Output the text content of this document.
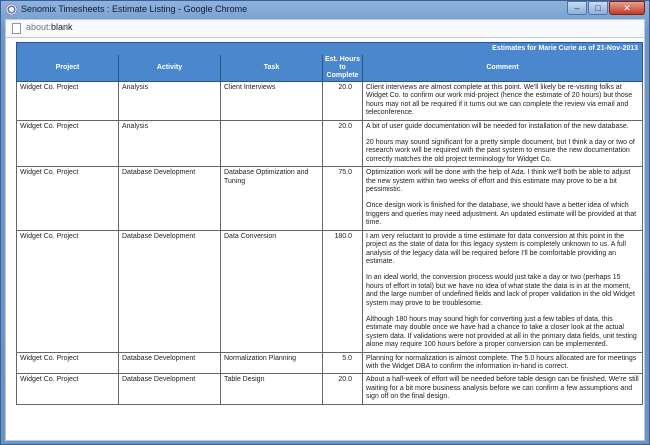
Senomix Timesheets : Estimate Listing - Google Chrome	–	□	✕
about:blank
Estimates for Marie Curie as of 21-Nov-2013				
Project	Activity	Task	Est. Hours to Complete	Comment
Widget Co. Project	Analysis	Client Interviews	20.0	Client interviews are almost complete at this point. We'll likely be re-visiting folks at Widget Co. to confirm our work mid-project (hence the estimate of 20 hours) but those hours may not all be required if it turns out we can complete the review via email and teleconference.

Widget Co. Project	Analysis		20.0	A bit of user guide documentation will be needed for installation of the new database.

20 hours may sound significant for a pretty simple document, but I think a day or two of research work will be required with the past system to ensure the new documentation correctly matches the old project terminology for Widget Co.

Widget Co. Project	Database Development	Database Optimization and Tuning	75.0	Optimization work will be done with the help of Ada. I think we'll both be able to adjust the new system within two weeks of effort and this estimate may prove to be a bit pessimistic.

Once design work is finished for the database, we should have a better idea of which triggers and queries may need adjustment. An updated estimate will be provided at that time.

Widget Co. Project	Database Development	Data Conversion	180.0	I am very reluctant to provide a time estimate for data conversion at this point in the project as the state of data for this legacy system is completely unknown to us. A full analysis of the legacy data will be required before I'll be comfortable providing an estimate.

In an ideal world, the conversion process would just take a day or two (perhaps 15 hours of effort in total) but we have no idea of what state the data is in at the moment, and the large number of undefined fields and lack of proper validation in the old Widget system may prove to be troublesome.

Although 180 hours may sound high for converting just a few tables of data, this estimate may double once we have had a chance to take a closer look at the actual system data. If validations were not provided at all in the primary data fields, unit testing alone may require 100 hours before a proper conversion can be implemented.

Widget Co. Project	Database Development	Normalization Planning	5.0	Planning for normalization is almost complete. The 5.0 hours allocated are for meetings with the Widget DBA to confirm the information in-hand is correct.

Widget Co. Project	Database Development	Table Design	20.0	About a half-week of effort will be needed before table design can be finished. We're still waiting for a bit more business analysis before we can confirm a few assumptions and sign off on the final design.
